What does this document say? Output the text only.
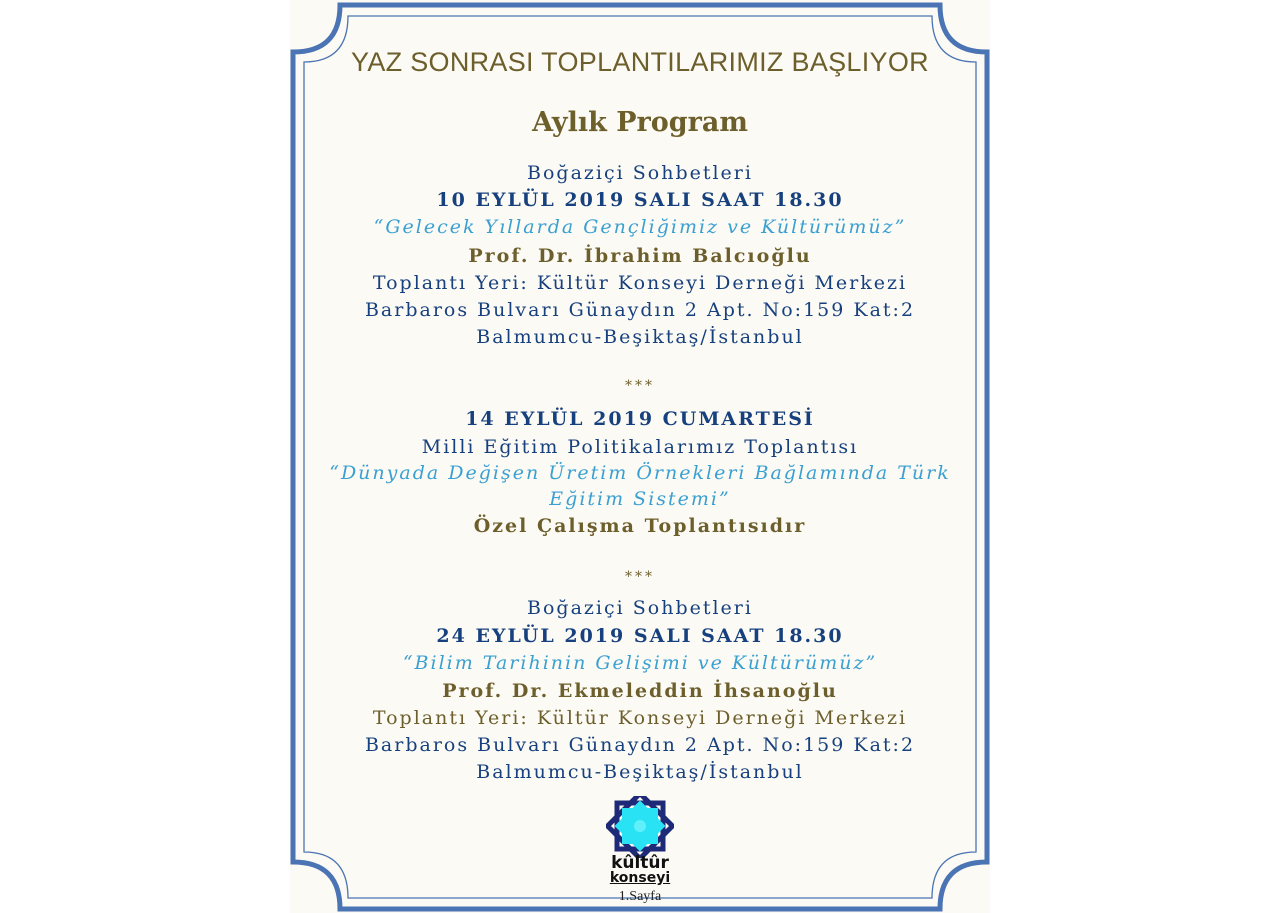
YAZ SONRASI TOPLANTILARIMIZ BAŞLIYOR
Aylık Program
Boğaziçi Sohbetleri
10 EYLÜL 2019 SALI SAAT 18.30
“Gelecek Yıllarda Gençliğimiz ve Kültürümüz”
Prof. Dr. İbrahim Balcıoğlu
Toplantı Yeri: Kültür Konseyi Derneği Merkezi
Barbaros Bulvarı Günaydın 2 Apt. No:159 Kat:2
Balmumcu-Beşiktaş/İstanbul
***
14 EYLÜL 2019 CUMARTESİ
Milli Eğitim Politikalarımız Toplantısı
“Dünyada Değişen Üretim Örnekleri Bağlamında Türk
Eğitim Sistemi”
Özel Çalışma Toplantısıdır
***
Boğaziçi Sohbetleri
24 EYLÜL 2019 SALI SAAT 18.30
“Bilim Tarihinin Gelişimi ve Kültürümüz”
Prof. Dr. Ekmeleddin İhsanoğlu
Toplantı Yeri: Kültür Konseyi Derneği Merkezi
Barbaros Bulvarı Günaydın 2 Apt. No:159 Kat:2
Balmumcu-Beşiktaş/İstanbul
kûltûr
konseyi
1.Sayfa
